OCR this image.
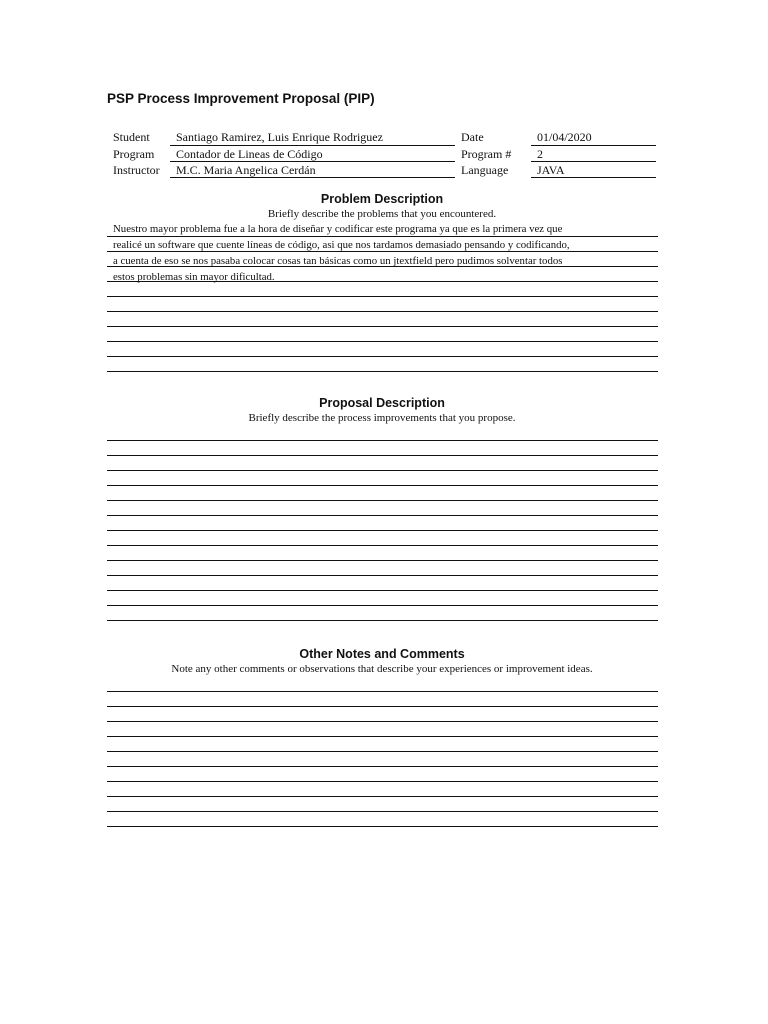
PSP Process Improvement Proposal (PIP)
Student Santiago Ramirez, Luis Enrique Rodriguez
Program Contador de Lineas de Código
Instructor M.C. Maria Angelica Cerdán
Date	01/04/2020
Program # 2
Language JAVA
Problem Description
Briefly describe the problems that you encountered.
Nuestro mayor problema fue a la hora de diseñar y codificar este programa ya que es la primera vez que
realicé un software que cuente líneas de código, asi que nos tardamos demasiado pensando y codificando,
a cuenta de eso se nos pasaba colocar cosas tan básicas como un jtextfield pero pudimos solventar todos
estos problemas sin mayor dificultad.
Proposal Description
Briefly describe the process improvements that you propose.
Other Notes and Comments
Note any other comments or observations that describe your experiences or improvement ideas.
